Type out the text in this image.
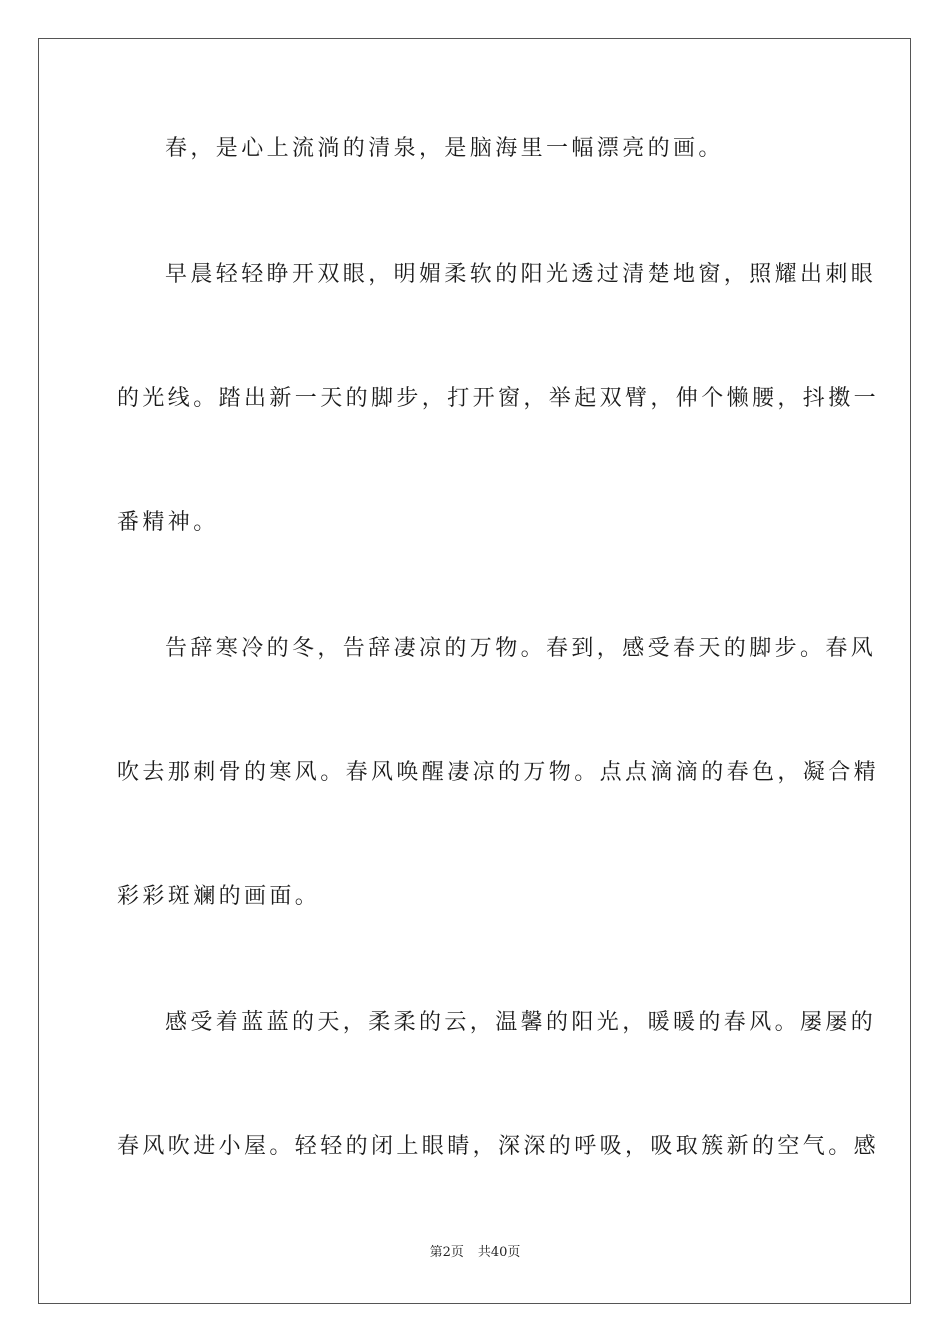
春，是心上流淌的清泉，是脑海里一幅漂亮的画。
早晨轻轻睁开双眼，明媚柔软的阳光透过清楚地窗，照耀出刺眼
的光线。踏出新一天的脚步，打开窗，举起双臂，伸个懒腰，抖擞一
番精神。
告辞寒冷的冬，告辞凄凉的万物。春到，感受春天的脚步。春风
吹去那刺骨的寒风。春风唤醒凄凉的万物。点点滴滴的春色，凝合精
彩彩斑斓的画面。
感受着蓝蓝的天，柔柔的云，温馨的阳光，暖暖的春风。屡屡的
春风吹进小屋。轻轻的闭上眼睛，深深的呼吸，吸取簇新的空气。感
第2页 共40页
